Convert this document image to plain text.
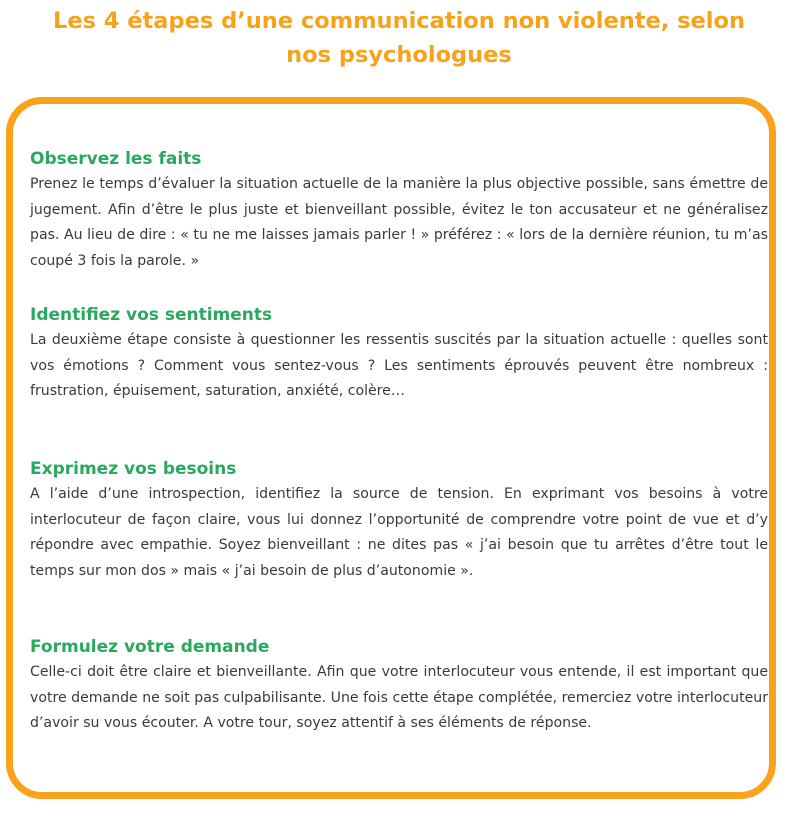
Les 4 étapes d’une communication non violente, selon nos psychologues
Observez les faits
Prenez le temps d’évaluer la situation actuelle de la manière la plus objective possible, sans émettre de jugement. Afin d’être le plus juste et bienveillant possible, évitez le ton accusateur et ne généralisez pas. Au lieu de dire : « tu ne me laisses jamais parler ! » préférez : « lors de la dernière réunion, tu m’as coupé 3 fois la parole. »
Identifiez vos sentiments
La deuxième étape consiste à questionner les ressentis suscités par la situation actuelle : quelles sont vos émotions ? Comment vous sentez-vous ? Les sentiments éprouvés peuvent être nombreux : frustration, épuisement, saturation, anxiété, colère…
Exprimez vos besoins
A l’aide d’une introspection, identifiez la source de tension. En exprimant vos besoins à votre interlocuteur de façon claire, vous lui donnez l’opportunité de comprendre votre point de vue et d’y répondre avec empathie. Soyez bienveillant : ne dites pas « j’ai besoin que tu arrêtes d’être tout le temps sur mon dos » mais « j’ai besoin de plus d’autonomie ».
Formulez votre demande
Celle-ci doit être claire et bienveillante. Afin que votre interlocuteur vous entende, il est important que votre demande ne soit pas culpabilisante. Une fois cette étape complétée, remerciez votre interlocuteur d’avoir su vous écouter. A votre tour, soyez attentif à ses éléments de réponse.
